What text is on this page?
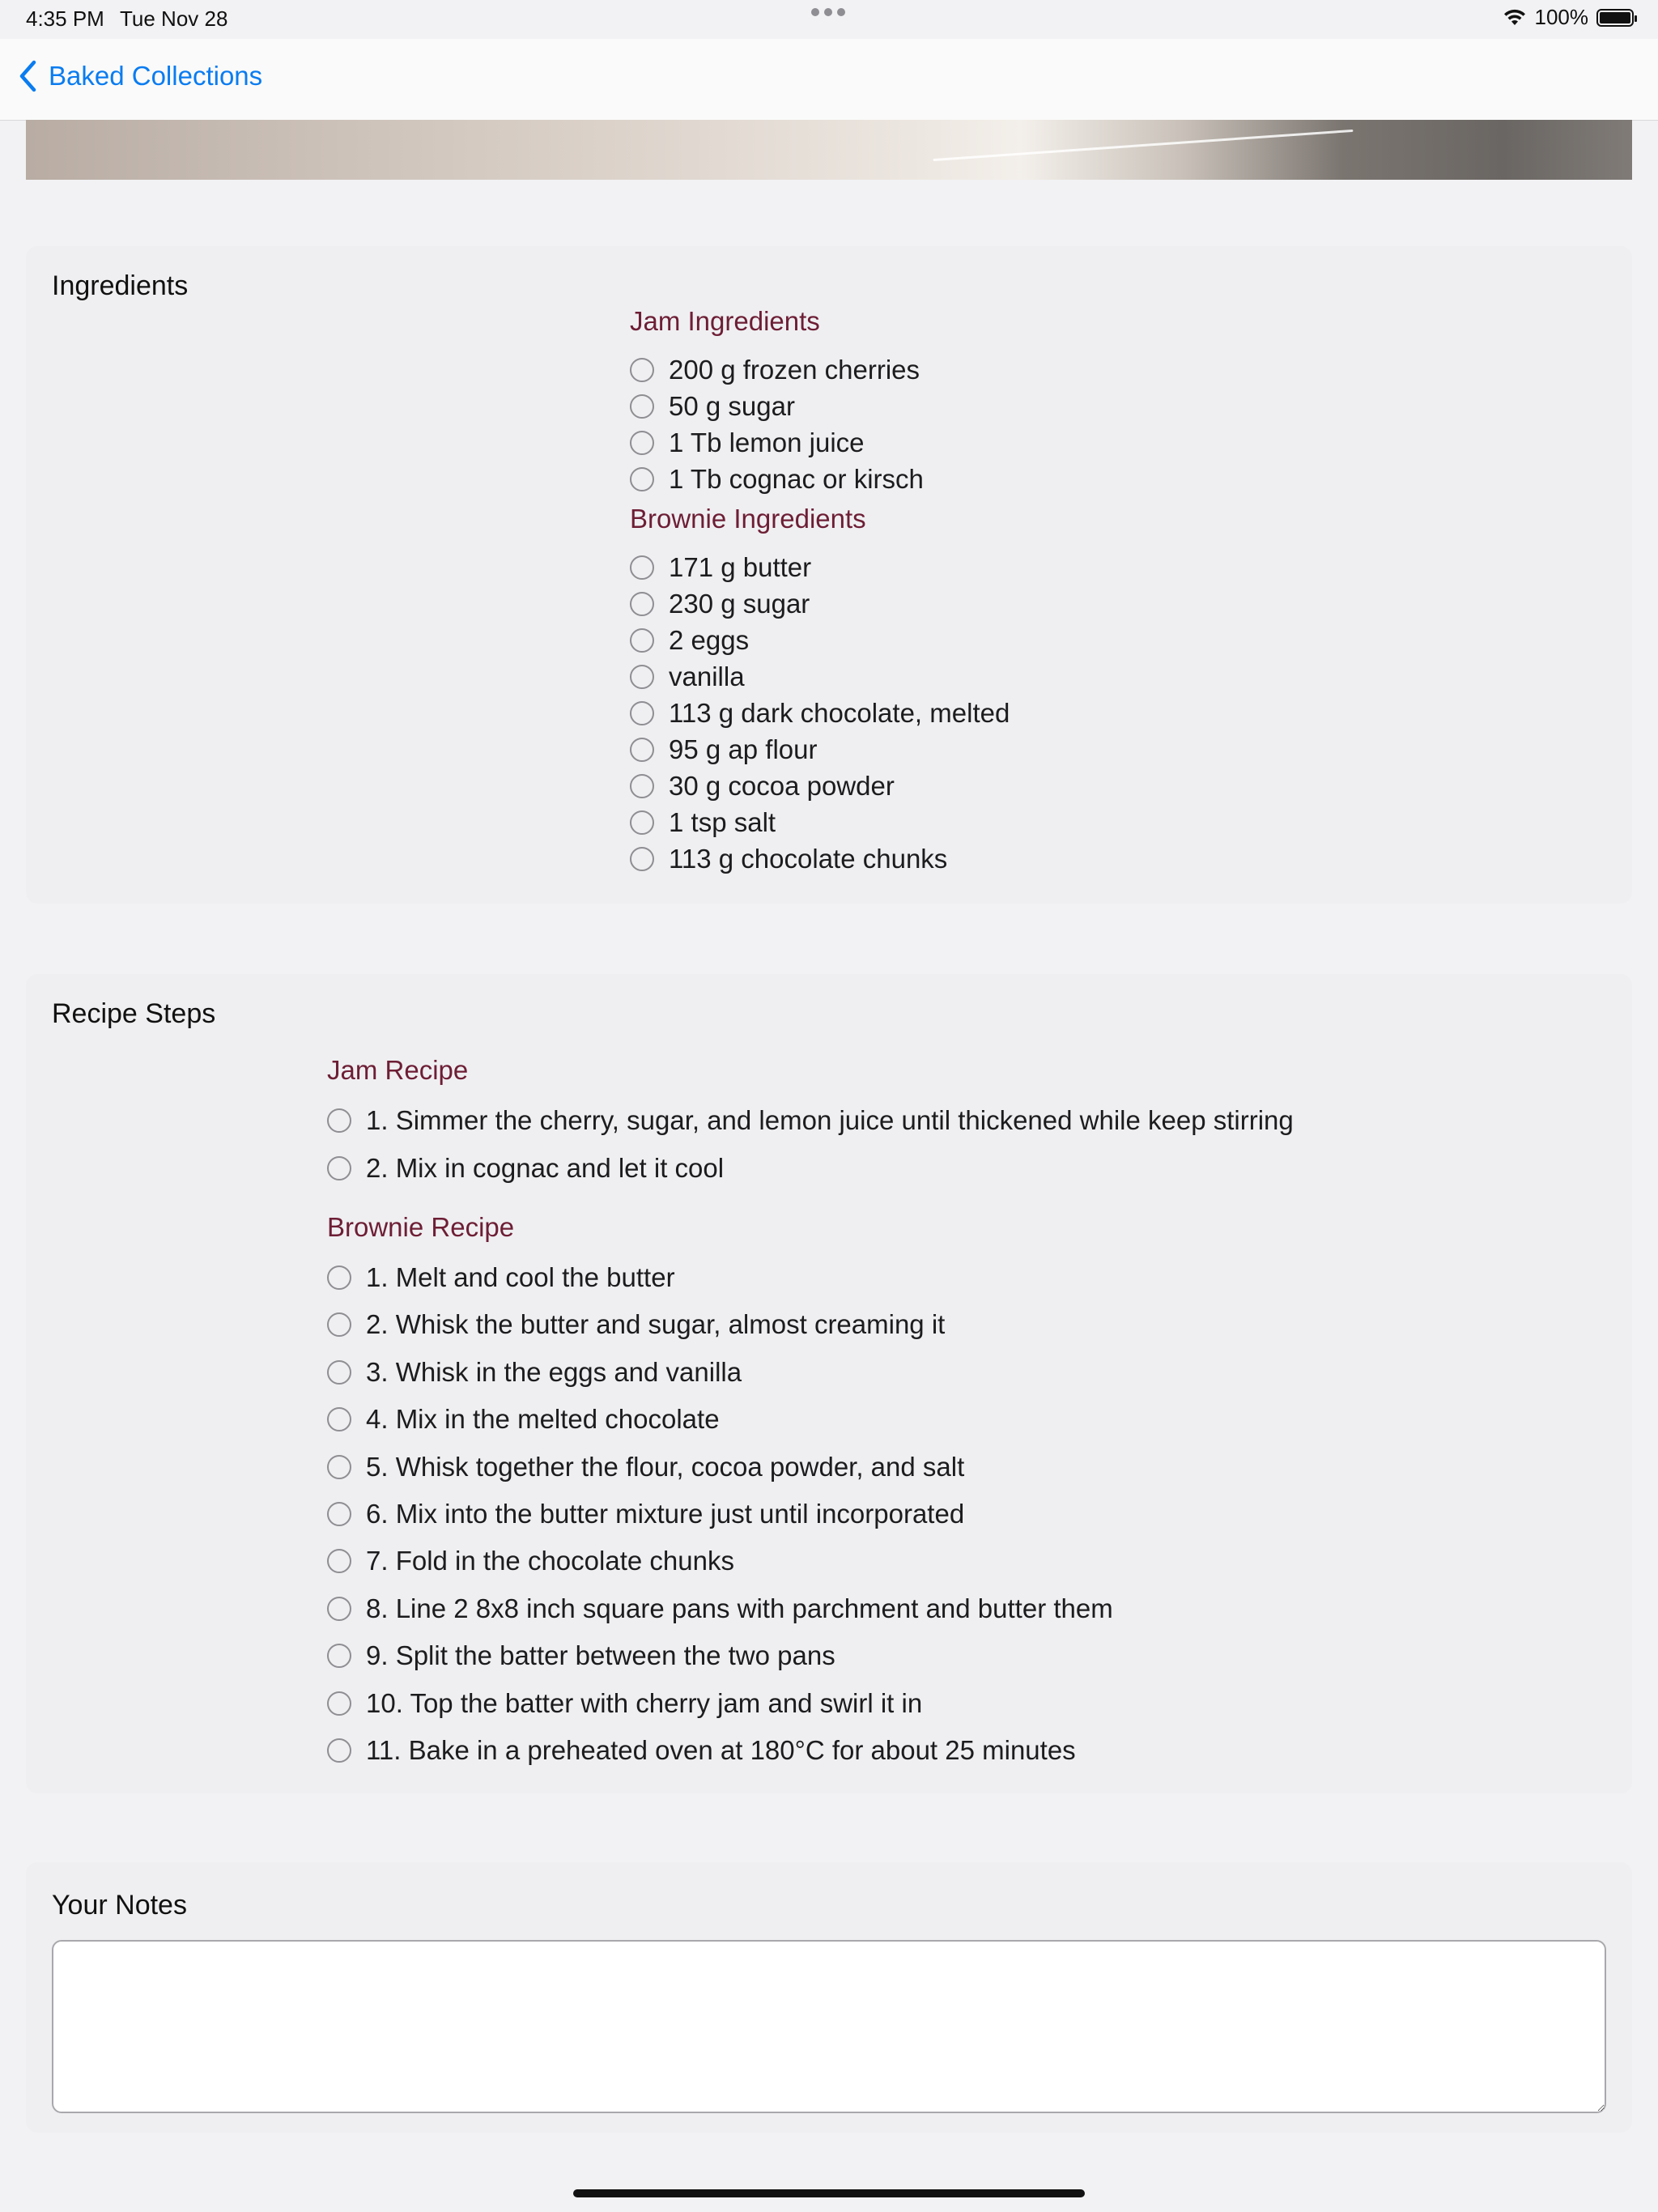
4:35 PM Tue Nov 28	100%
Baked Collections
Ingredients
Jam Ingredients
200 g frozen cherries
50 g sugar
1 Tb lemon juice
1 Tb cognac or kirsch
Brownie Ingredients
171 g butter
230 g sugar
2 eggs
vanilla
113 g dark chocolate, melted
95 g ap flour
30 g cocoa powder
1 tsp salt
113 g chocolate chunks
Recipe Steps
Jam Recipe
1. Simmer the cherry, sugar, and lemon juice until thickened while keep stirring
2. Mix in cognac and let it cool
Brownie Recipe
1. Melt and cool the butter
2. Whisk the butter and sugar, almost creaming it
3. Whisk in the eggs and vanilla
4. Mix in the melted chocolate
5. Whisk together the flour, cocoa powder, and salt
6. Mix into the butter mixture just until incorporated
7. Fold in the chocolate chunks
8. Line 2 8x8 inch square pans with parchment and butter them
9. Split the batter between the two pans
10. Top the batter with cherry jam and swirl it in
11. Bake in a preheated oven at 180°C for about 25 minutes
Your Notes
